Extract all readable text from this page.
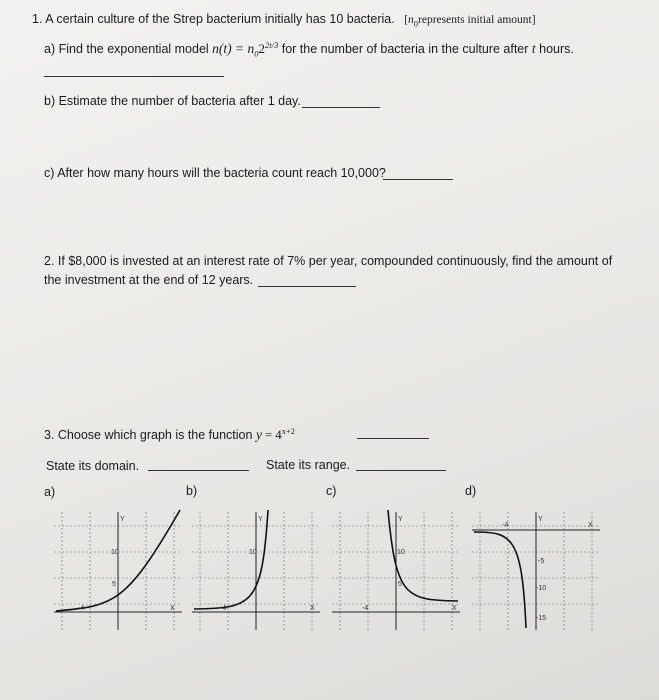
1. A certain culture of the Strep bacterium initially has 10 bacteria. [$n_0represents$ initial amount]
a) Find the exponential model $n(t) = n_02^{2t/3}$ for the number of bacteria in the culture after t hours.
b) Estimate the number of bacteria after 1 day.
c) After how many hours will the bacteria count reach 10,000?
2. If $8,000 is invested at an interest rate of 7% per year, compounded continuously, find the amount of
the investment at the end of 12 years.
3. Choose which graph is the function $y = 4^{x+2}$
State its domain.	State its range.
a)	b)	c)	d)
Y
10
5
-4	X
Y
10
-4	X
Y
10
5
-4	X
Y
-4	X
-5
-10
-15
